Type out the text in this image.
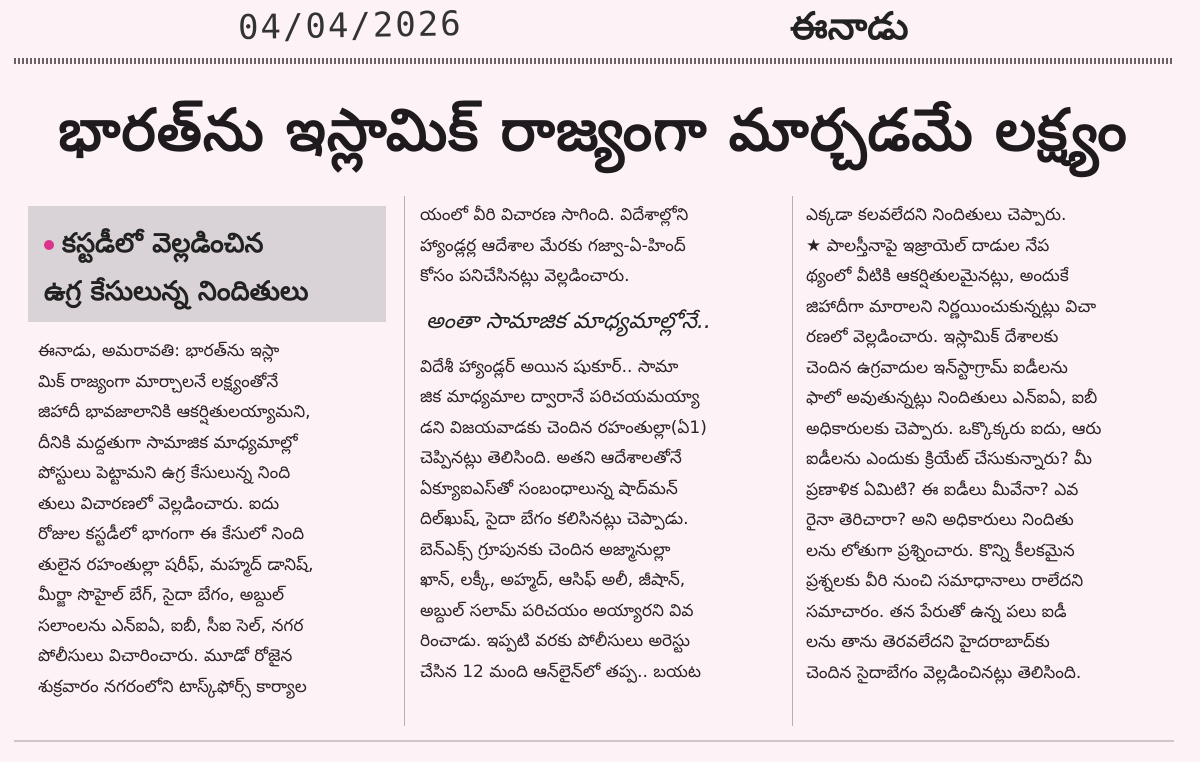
04/04/2026	ఈనాడు
భారత్‌ను ఇస్లామిక్ రాజ్యంగా మార్చడమే లక్ష్యం
కస్టడీలో వెల్లడించిన
ఉగ్ర కేసులున్న నిందితులు

ఈనాడు, అమరావతి: భారత్‌ను ఇస్లా

మిక్ రాజ్యంగా మార్చాలనే లక్ష్యంతోనే

జిహాదీ భావజాలానికి ఆకర్షితులయ్యామని,

దీనికి మద్దతుగా సామాజిక మాధ్యమాల్లో

పోస్టులు పెట్టామని ఉగ్ర కేసులున్న నింది

తులు విచారణలో వెల్లడించారు. ఐదు

రోజుల కస్టడీలో భాగంగా ఈ కేసులో నింది

తులైన రహంతుల్లా షరీఫ్, మహ్మద్ డానిష్,

మీర్జా సొహైల్ బేగ్, సైదా బేగం, అబ్దుల్

సలాంలను ఎన్ఐఏ, ఐబీ, సీఐ సెల్, నగర

పోలీసులు విచారించారు. మూడో రోజైన

శుక్రవారం నగరంలోని టాస్క్‌ఫోర్స్ కార్యాల

యంలో వీరి విచారణ సాగింది. విదేశాల్లోని

హ్యాండ్లర్ల ఆదేశాల మేరకు గజ్వా-ఏ-హింద్

కోసం పనిచేసినట్లు వెల్లడించారు.

అంతా సామాజిక మాధ్యమాల్లోనే..

విదేశీ హ్యాండ్లర్ అయిన షుకూర్.. సామా

జిక మాధ్యమాల ద్వారానే పరిచయమయ్యా

డని విజయవాడకు చెందిన రహంతుల్లా(ఏ1)

చెప్పినట్లు తెలిసింది. అతని ఆదేశాలతోనే

ఏక్యూఐఎస్‌తో సంబంధాలున్న షాద్‌మన్

దిల్‌ఖుష్, సైదా బేగం కలిసినట్లు చెప్పాడు.

బెన్ఎక్స్ గ్రూపునకు చెందిన అజ్మానుల్లా

ఖాన్, లక్కీ, అహ్మద్, ఆసిఫ్ అలీ, జీషాన్,

అబ్దుల్ సలామ్ పరిచయం అయ్యారని వివ

రించాడు. ఇప్పటి వరకు పోలీసులు అరెస్టు

చేసిన 12 మంది ఆన్‌లైన్‌లో తప్ప.. బయట

ఎక్కడా కలవలేదని నిందితులు చెప్పారు.

★ పాలస్తీనాపై ఇజ్రాయెల్ దాడుల నేప

థ్యంలో వీటికి ఆకర్షితులమైనట్లు, అందుకే

జిహాదీగా మారాలని నిర్ణయించుకున్నట్లు విచా

రణలో వెల్లడించారు. ఇస్లామిక్ దేశాలకు

చెందిన ఉగ్రవాదుల ఇన్‌స్టాగ్రామ్ ఐడీలను

ఫాలో అవుతున్నట్లు నిందితులు ఎన్ఐఏ, ఐబీ

అధికారులకు చెప్పారు. ఒక్కొక్కరు ఐదు, ఆరు

ఐడీలను ఎందుకు క్రియేట్ చేసుకున్నారు? మీ

ప్రణాళిక ఏమిటి? ఈ ఐడీలు మీవేనా? ఎవ

రైనా తెరిచారా? అని అధికారులు నిందితు

లను లోతుగా ప్రశ్నించారు. కొన్ని కీలకమైన

ప్రశ్నలకు వీరి నుంచి సమాధానాలు రాలేదని

సమాచారం. తన పేరుతో ఉన్న పలు ఐడీ

లను తాను తెరవలేదని హైదరాబాద్‌కు

చెందిన సైదాబేగం వెల్లడించినట్లు తెలిసింది.
